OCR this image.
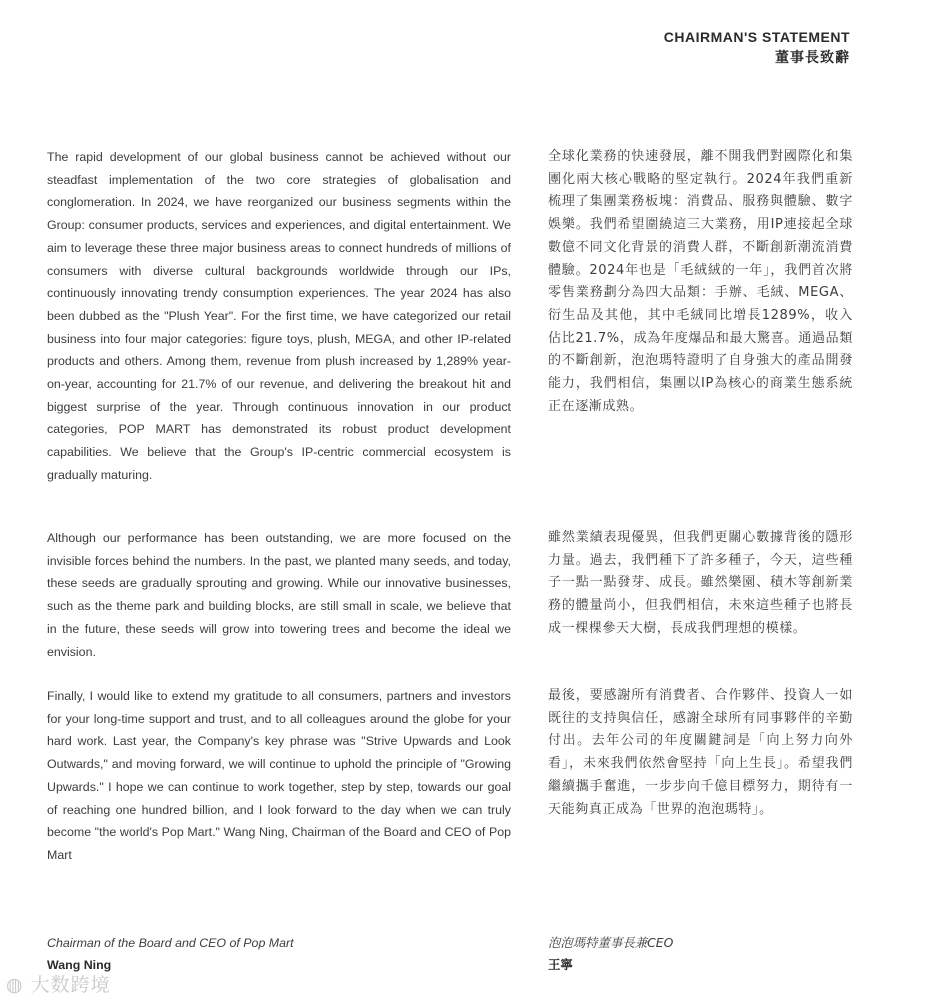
CHAIRMAN'S STATEMENT
董事長致辭

The rapid development of our global business cannot be achieved without our steadfast implementation of the two core strategies of globalisation and conglomeration. In 2024, we have reorganized our business segments within the Group: consumer products, services and experiences, and digital entertainment. We aim to leverage these three major business areas to connect hundreds of millions of consumers with diverse cultural backgrounds worldwide through our IPs, continuously innovating trendy consumption experiences. The year 2024 has also been dubbed as the "Plush Year". For the first time, we have categorized our retail business into four major categories: figure toys, plush, MEGA, and other IP-related products and others. Among them, revenue from plush increased by 1,289% year-on-year, accounting for 21.7% of our revenue, and delivering the breakout hit and biggest surprise of the year. Through continuous innovation in our product categories, POP MART has demonstrated its robust product development capabilities. We believe that the Group's IP-centric commercial ecosystem is gradually maturing.

Although our performance has been outstanding, we are more focused on the invisible forces behind the numbers. In the past, we planted many seeds, and today, these seeds are gradually sprouting and growing. While our innovative businesses, such as the theme park and building blocks, are still small in scale, we believe that in the future, these seeds will grow into towering trees and become the ideal we envision.

Finally, I would like to extend my gratitude to all consumers, partners and investors for your long-time support and trust, and to all colleagues around the globe for your hard work. Last year, the Company's key phrase was "Strive Upwards and Look Outwards," and moving forward, we will continue to uphold the principle of "Growing Upwards." I hope we can continue to work together, step by step, towards our goal of reaching one hundred billion, and I look forward to the day when we can truly become "the world's Pop Mart." Wang Ning, Chairman of the Board and CEO of Pop Mart

全球化業務的快速發展，離不開我們對國際化和集團化兩大核心戰略的堅定執行。2024年我們重新梳理了集團業務板塊：消費品、服務與體驗、數字娛樂。我們希望圍繞這三大業務，用IP連接起全球數億不同文化背景的消費人群，不斷創新潮流消費體驗。2024年也是「毛絨絨的一年」，我們首次將零售業務劃分為四大品類：手辦、毛絨、MEGA、衍生品及其他，其中毛絨同比增長1289%，收入佔比21.7%，成為年度爆品和最大驚喜。通過品類的不斷創新，泡泡瑪特證明了自身強大的產品開發能力，我們相信，集團以IP為核心的商業生態系統正在逐漸成熟。

雖然業績表現優異，但我們更關心數據背後的隱形力量。過去，我們種下了許多種子，今天，這些種子一點一點發芽、成長。雖然樂園、積木等創新業務的體量尚小，但我們相信，未來這些種子也將長成一棵棵參天大樹，長成我們理想的模樣。

最後，要感謝所有消費者、合作夥伴、投資人一如既往的支持與信任，感謝全球所有同事夥伴的辛勤付出。去年公司的年度關鍵詞是「向上努力向外看」，未來我們依然會堅持「向上生長」。希望我們繼續攜手奮進，一步步向千億目標努力，期待有一天能夠真正成為「世界的泡泡瑪特」。

Chairman of the Board and CEO of Pop Mart
Wang Ning
泡泡瑪特董事長兼CEO
王寧
◍ 大数跨境
